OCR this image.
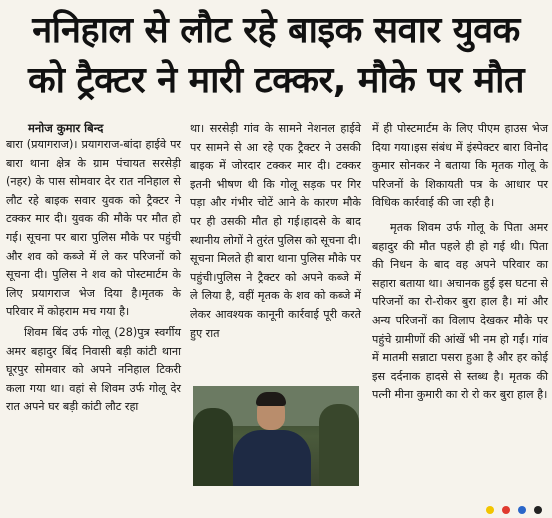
ननिहाल से लौट रहे बाइक सवार युवक
को ट्रैक्टर ने मारी टक्कर, मौके पर मौत
मनोज कुमार बिन्द

बारा (प्रयागराज)। प्रयागराज-बांदा हाईवे पर बारा थाना क्षेत्र के ग्राम पंचायत सरसेड़ी (नहर) के पास सोमवार देर रात ननिहाल से लौट रहे बाइक सवार युवक को ट्रैक्टर ने टक्कर मार दी। युवक की मौके पर मौत हो गई। सूचना पर बारा पुलिस मौके पर पहुंची और शव को कब्जे में ले कर परिजनों को सूचना दी। पुलिस ने शव को पोस्टमार्टम के लिए प्रयागराज भेज दिया है।मृतक के परिवार में कोहराम मच गया है।

शिवम बिंद उर्फ गोलू (28)पुत्र स्वर्गीय अमर बहादुर बिंद निवासी बड़ी कांटी थाना घूरपुर सोमवार को अपने ननिहाल टिकरी कला गया था। वहां से शिवम उर्फ गोलू देर रात अपने घर बड़ी कांटी लौट रहा

था। सरसेड़ी गांव के सामने नेशनल हाईवे पर सामने से आ रहे एक ट्रैक्टर ने उसकी बाइक में जोरदार टक्कर मार दी। टक्कर इतनी भीषण थी कि गोलू सड़क पर गिर पड़ा और गंभीर चोटें आने के कारण मौके पर ही उसकी मौत हो गई।हादसे के बाद स्थानीय लोगों ने तुरंत पुलिस को सूचना दी। सूचना मिलते ही बारा थाना पुलिस मौके पर पहुंची।पुलिस ने ट्रैक्टर को अपने कब्जे में ले लिया है, वहीं मृतक के शव को कब्जे में लेकर आवश्यक कानूनी कार्रवाई पूरी करते हुए रात

में ही पोस्टमार्टम के लिए पीएम हाउस भेज दिया गया।इस संबंध में इंस्पेक्टर बारा विनोद कुमार सोनकर ने बताया कि मृतक गोलू के परिजनों के शिकायती पत्र के आधार पर विधिक कार्रवाई की जा रही है।

मृतक शिवम उर्फ गोलू के पिता अमर बहादुर की मौत पहले ही हो गई थी। पिता की निधन के बाद वह अपने परिवार का सहारा बताया था। अचानक हुई इस घटना से परिजनों का रो-रोकर बुरा हाल है। मां और अन्य परिजनों का विलाप देखकर मौके पर पहुंचे ग्रामीणों की आंखें भी नम हो गईं। गांव में मातमी सन्नाटा पसरा हुआ है और हर कोई इस दर्दनाक हादसे से स्तब्ध है। मृतक की पत्नी मीना कुमारी का रो रो कर बुरा हाल है।
